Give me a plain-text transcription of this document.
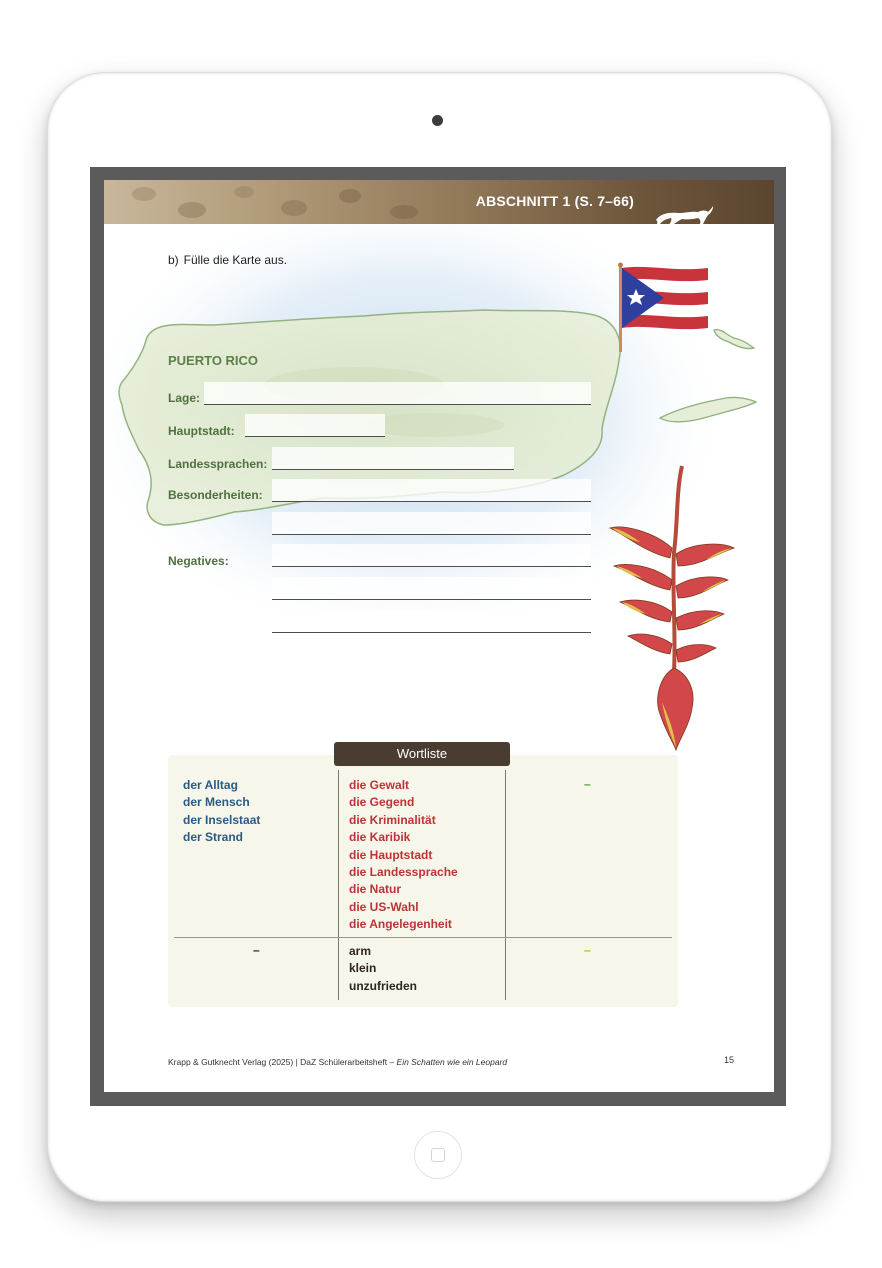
ABSCHNITT 1 (S. 7–66)
b) Fülle die Karte aus.
PUERTO RICO
Lage:
Hauptstadt:
Landessprachen:
Besonderheiten:
Negatives:
Wortliste
der Alltag
der Mensch
der Inselstaat
der Strand
die Gewalt
die Gegend
die Kriminalität
die Karibik
die Hauptstadt
die Landessprache
die Natur
die US-Wahl
die Angelegenheit
–
–	arm
klein
unzufrieden
–
Krapp & Gutknecht Verlag (2025) | DaZ Schülerarbeitsheft – Ein Schatten wie ein Leopard	15
